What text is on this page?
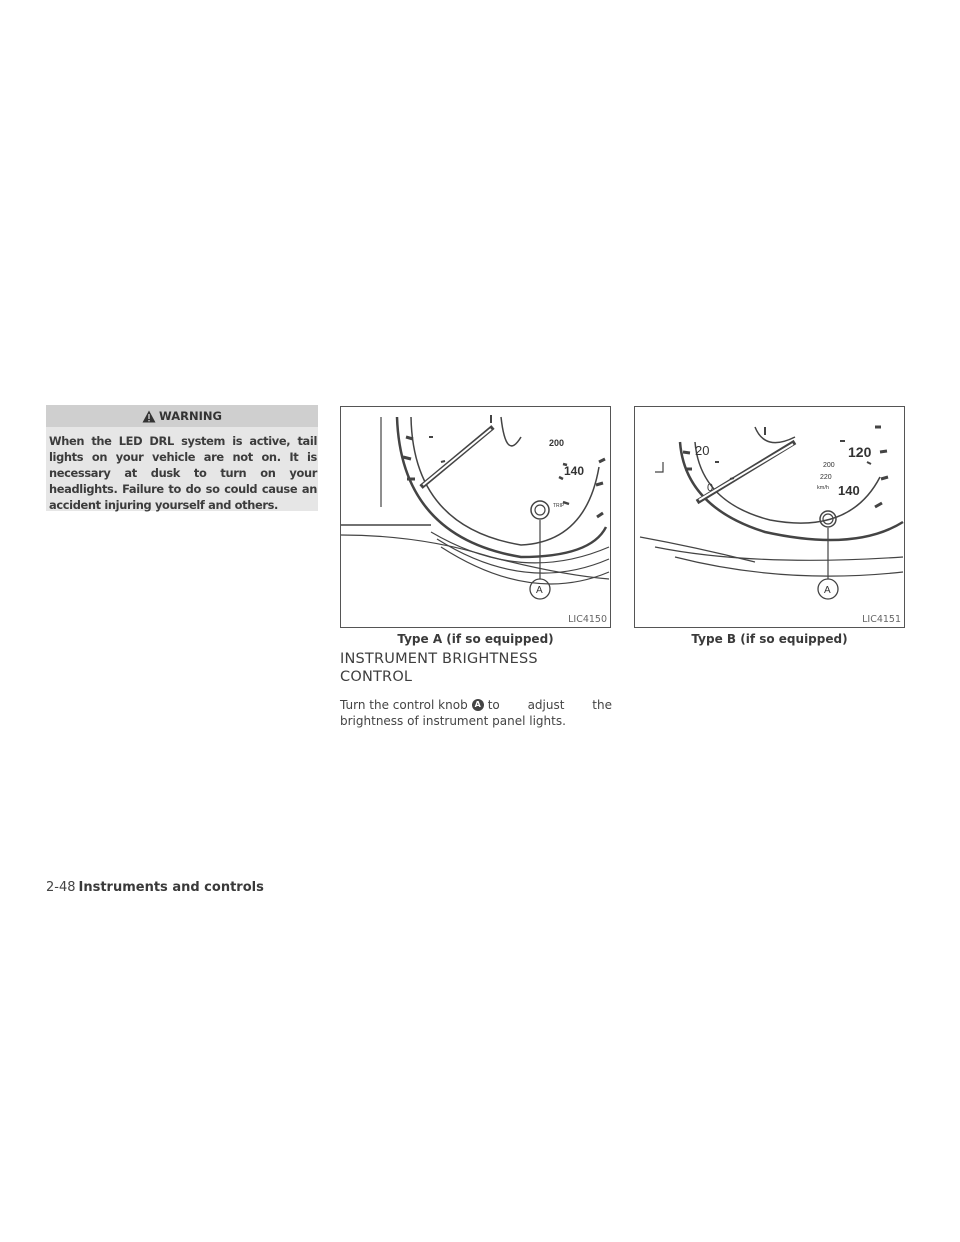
WARNING
When the LED DRL system is active, tail lights on your vehicle are not on. It is necessary at dusk to turn on your headlights. Failure to do so could cause an accident injuring yourself and others.
200
140
TRIP
A
LIC4150
Type A (if so equipped)
20
0
120
200
220
km/h 140
A
LIC4151
Type B (if so equipped)
INSTRUMENT BRIGHTNESS CONTROL
Turn the control knob A to adjust the
brightness of instrument panel lights.
2-48 Instruments and controls
